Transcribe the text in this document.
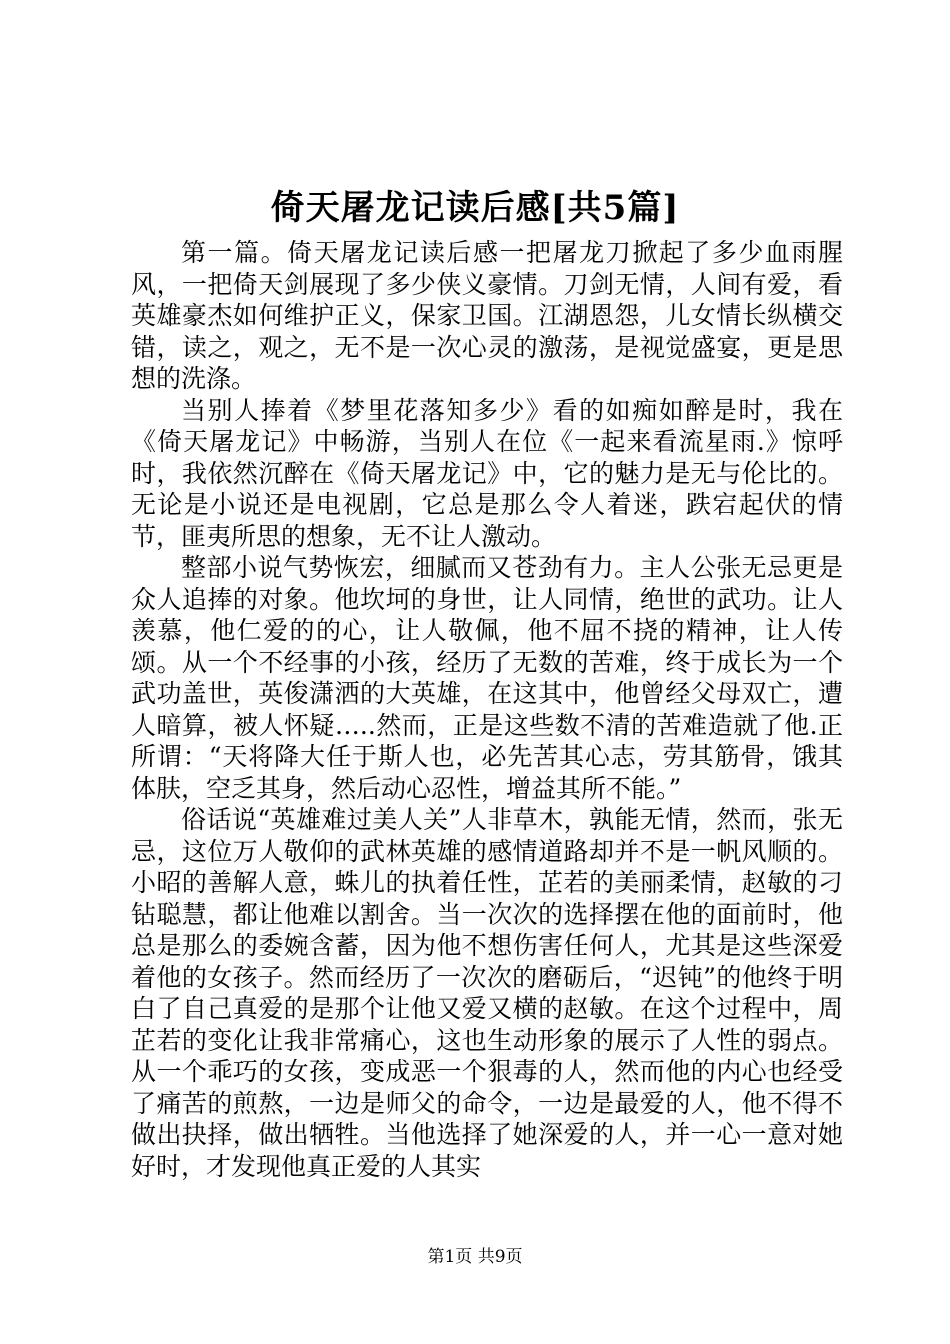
倚天屠龙记读后感[共5篇]

第一篇。倚天屠龙记读后感一把屠龙刀掀起了多少血雨腥风，一把倚天剑展现了多少侠义豪情。刀剑无情，人间有爱，看英雄豪杰如何维护正义，保家卫国。江湖恩怨，儿女情长纵横交错，读之，观之，无不是一次心灵的激荡，是视觉盛宴，更是思想的洗涤。

当别人捧着《梦里花落知多少》看的如痴如醉是时，我在《倚天屠龙记》中畅游，当别人在位《一起来看流星雨.》惊呼时，我依然沉醉在《倚天屠龙记》中，它的魅力是无与伦比的。无论是小说还是电视剧，它总是那么令人着迷，跌宕起伏的情节，匪夷所思的想象，无不让人激动。

整部小说气势恢宏，细腻而又苍劲有力。主人公张无忌更是众人追捧的对象。他坎坷的身世，让人同情，绝世的武功。让人羡慕，他仁爱的的心，让人敬佩，他不屈不挠的精神，让人传颂。从一个不经事的小孩，经历了无数的苦难，终于成长为一个武功盖世，英俊潇洒的大英雄，在这其中，他曾经父母双亡，遭人暗算，被人怀疑…..然而，正是这些数不清的苦难造就了他.正所谓：“天将降大任于斯人也，必先苦其心志，劳其筋骨，饿其体肤，空乏其身，然后动心忍性，增益其所不能。”

俗话说“英雄难过美人关”人非草木，孰能无情，然而，张无忌，这位万人敬仰的武林英雄的感情道路却并不是一帆风顺的。小昭的善解人意，蛛儿的执着任性，芷若的美丽柔情，赵敏的刁钻聪慧，都让他难以割舍。当一次次的选择摆在他的面前时，他总是那么的委婉含蓄，因为他不想伤害任何人，尤其是这些深爱着他的女孩子。然而经历了一次次的磨砺后，“迟钝”的他终于明白了自己真爱的是那个让他又爱又横的赵敏。在这个过程中，周芷若的变化让我非常痛心，这也生动形象的展示了人性的弱点。从一个乖巧的女孩，变成恶一个狠毒的人，然而他的内心也经受了痛苦的煎熬，一边是师父的命令，一边是最爱的人，他不得不做出抉择，做出牺牲。当他选择了她深爱的人，并一心一意对她好时，才发现他真正爱的人其实

第1页 共9页
